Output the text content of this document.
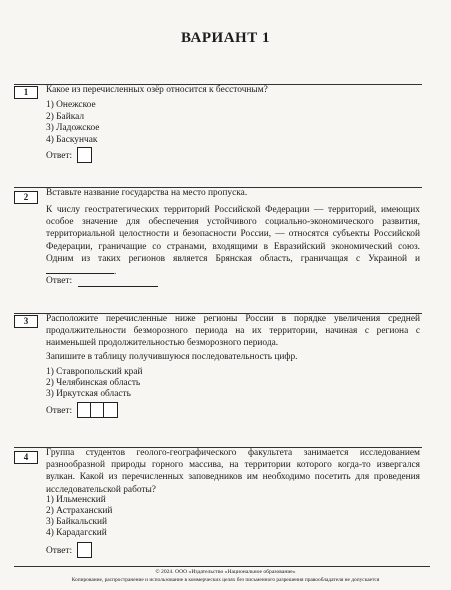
ВАРИАНТ 1
1	Какое из перечисленных озёр относится к бессточным?
1) Онежское
2) Байкал
3) Ладожское
4) Баскунчак
Ответ:
2	Вставьте название государства на место пропуска.
К числу геостратегических территорий Российской Федерации — территорий, имеющих особое значение для обеспечения устойчивого социально-экономического развития, территориальной целостности и безопасности России, — относятся субъекты Российской Федерации, граничащие со странами, входящими в Евразийский экономический союз. Одним из таких регионов является Брянская область, граничащая с Украиной и .
Ответ:
3	Расположите перечисленные ниже регионы России в порядке увеличения средней продолжительности безморозного периода на их территории, начиная с региона с наименьшей продолжительностью безморозного периода.
Запишите в таблицу получившуюся последовательность цифр.
1) Ставропольский край
2) Челябинская область
3) Иркутская область
Ответ:
4	Группа студентов геолого-географического факультета занимается исследованием разнообразной природы горного массива, на территории которого когда-то извергался вулкан. Какой из перечисленных заповедников им необходимо посетить для проведения исследовательской работы?
1) Ильменский
2) Астраханский
3) Байкальский
4) Карадагский
Ответ:
© 2024. ООО «Издательство «Национальное образование»
Копирование, распространение и использование в коммерческих целях без письменного разрешения правообладателя не допускается
